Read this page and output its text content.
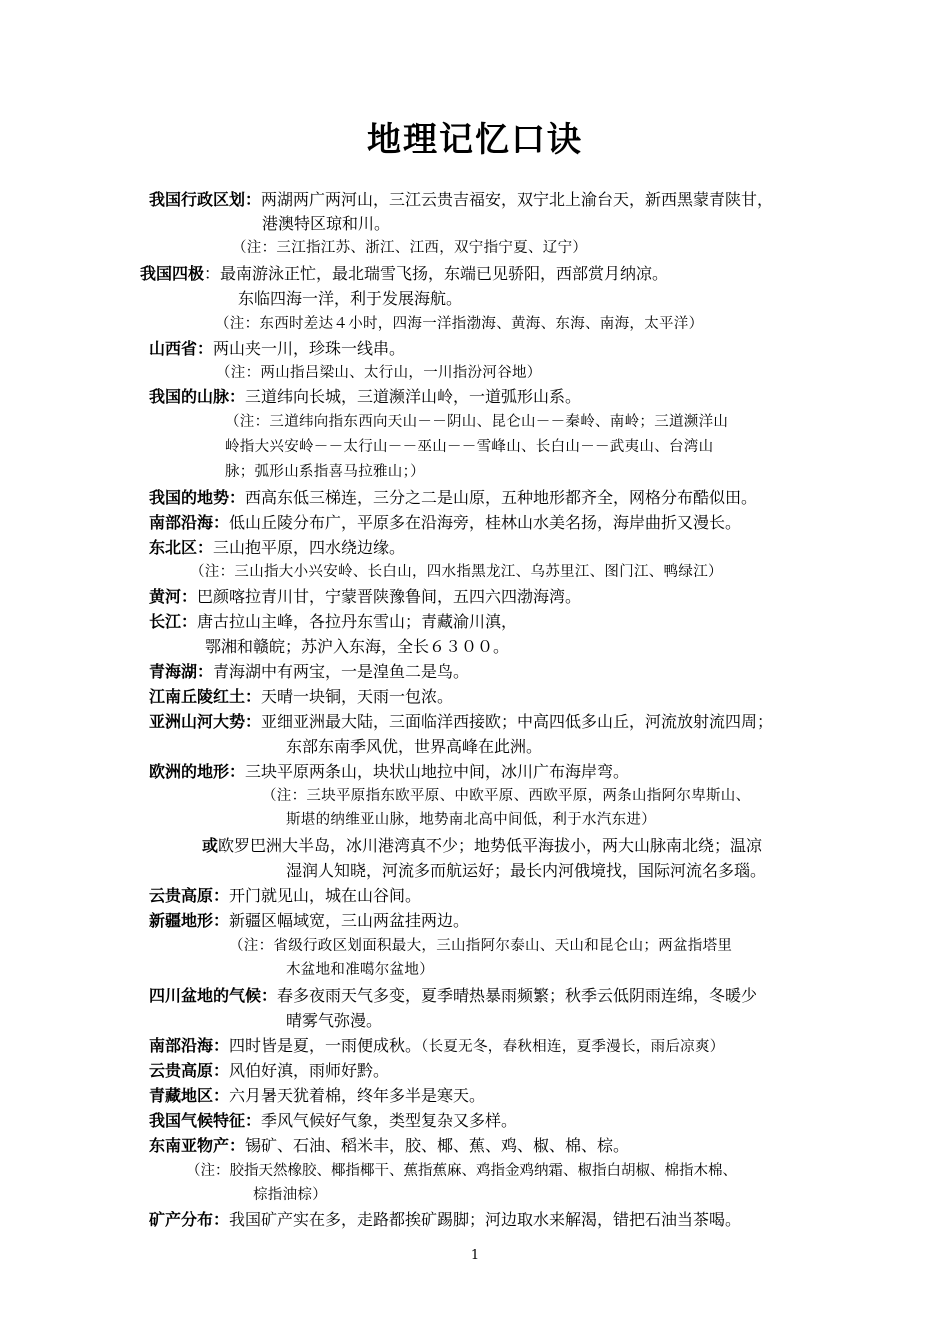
地理记忆口诀
我国行政区划：两湖两广两河山，三江云贵吉福安，双宁北上渝台天，新西黑蒙青陕甘，
港澳特区琼和川。
（注：三江指江苏、浙江、江西，双宁指宁夏、辽宁）
我国四极：最南游泳正忙，最北瑞雪飞扬，东端已见骄阳，西部赏月纳凉。
东临四海一洋，利于发展海航。
（注：东西时差达４小时，四海一洋指渤海、黄海、东海、南海，太平洋）
山西省：两山夹一川，珍珠一线串。
（注：两山指吕梁山、太行山，一川指汾河谷地）
我国的山脉：三道纬向长城，三道濒洋山岭，一道弧形山系。
（注：三道纬向指东西向天山－－阴山、昆仑山－－秦岭、南岭；三道濒洋山
岭指大兴安岭－－太行山－－巫山－－雪峰山、长白山－－武夷山、台湾山
脉；弧形山系指喜马拉雅山；）
我国的地势：西高东低三梯连，三分之二是山原，五种地形都齐全，网格分布酷似田。
南部沿海：低山丘陵分布广，平原多在沿海旁，桂林山水美名扬，海岸曲折又漫长。
东北区：三山抱平原，四水绕边缘。
（注：三山指大小兴安岭、长白山，四水指黑龙江、乌苏里江、图门江、鸭绿江）
黄河：巴颜喀拉青川甘，宁蒙晋陕豫鲁间，五四六四渤海湾。
长江：唐古拉山主峰，各拉丹东雪山；青藏渝川滇，
鄂湘和赣皖；苏沪入东海，全长６３００。
青海湖：青海湖中有两宝，一是湟鱼二是鸟。
江南丘陵红土：天晴一块铜，天雨一包浓。
亚洲山河大势：亚细亚洲最大陆，三面临洋西接欧；中高四低多山丘，河流放射流四周；
东部东南季风优，世界高峰在此洲。
欧洲的地形：三块平原两条山，块状山地拉中间，冰川广布海岸弯。
（注：三块平原指东欧平原、中欧平原、西欧平原，两条山指阿尔卑斯山、
斯堪的纳维亚山脉，地势南北高中间低，利于水汽东进）
或欧罗巴洲大半岛，冰川港湾真不少；地势低平海拔小，两大山脉南北绕；温凉
湿润人知晓，河流多而航运好；最长内河俄境找，国际河流名多瑙。
云贵高原：开门就见山，城在山谷间。
新疆地形：新疆区幅域宽，三山两盆挂两边。
（注：省级行政区划面积最大，三山指阿尔泰山、天山和昆仑山；两盆指塔里
木盆地和准噶尔盆地）
四川盆地的气候：春多夜雨天气多变，夏季晴热暴雨频繁；秋季云低阴雨连绵，冬暖少
晴雾气弥漫。
南部沿海：四时皆是夏，一雨便成秋。（长夏无冬，春秋相连，夏季漫长，雨后凉爽）
云贵高原：风伯好滇，雨师好黔。
青藏地区：六月暑天犹着棉，终年多半是寒天。
我国气候特征：季风气候好气象，类型复杂又多样。
东南亚物产：锡矿、石油、稻米丰，胶、椰、蕉、鸡、椒、棉、棕。
（注：胶指天然橡胶、椰指椰干、蕉指蕉麻、鸡指金鸡纳霜、椒指白胡椒、棉指木棉、
棕指油棕）
矿产分布：我国矿产实在多，走路都挨矿踢脚；河边取水来解渴，错把石油当茶喝。
1
